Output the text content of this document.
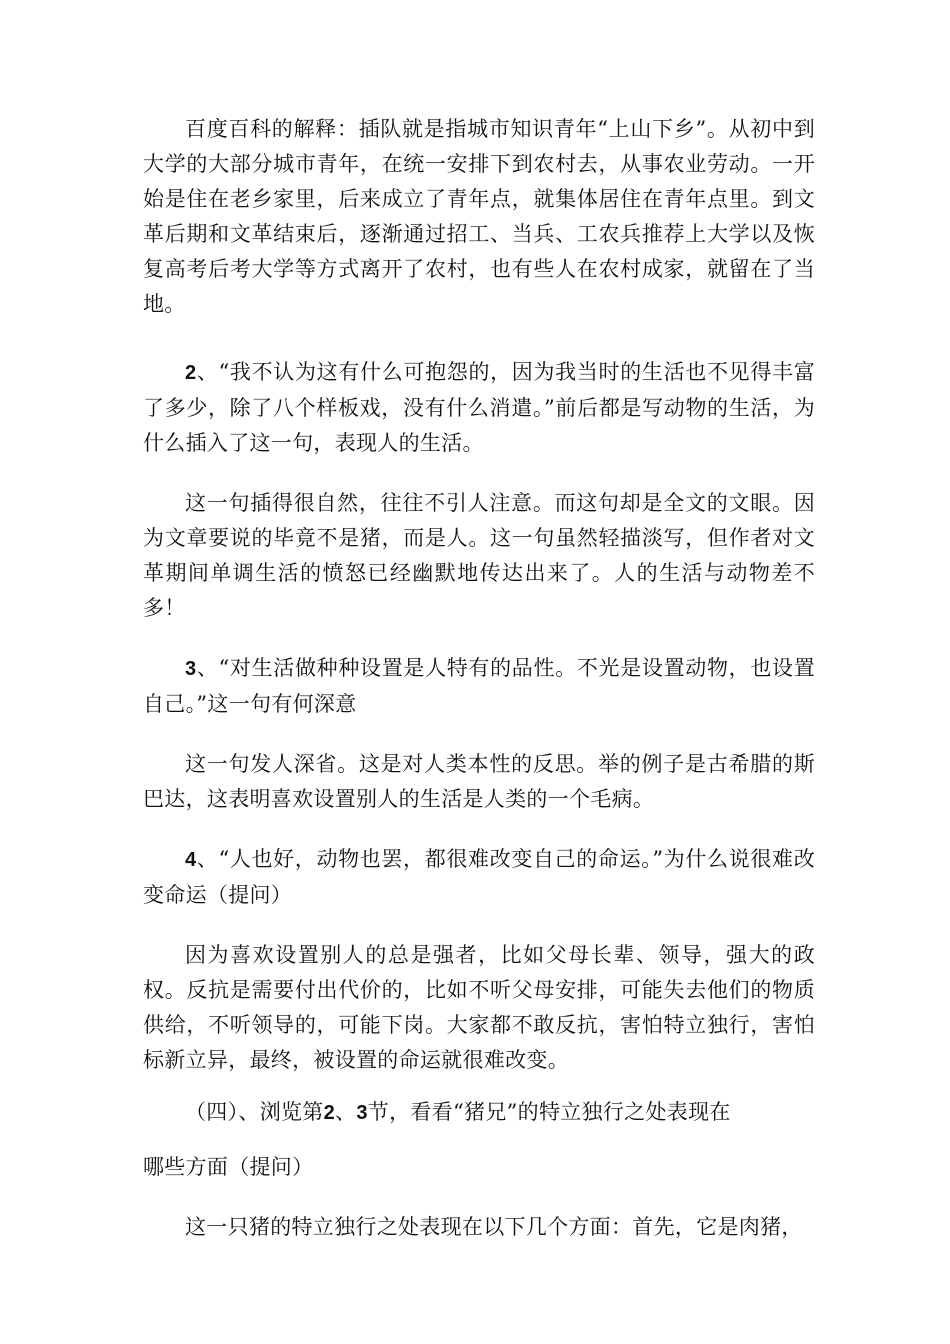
百度百科的解释：插队就是指城市知识青年“上山下乡”。从初中到大学的大部分城市青年，在统一安排下到农村去，从事农业劳动。一开始是住在老乡家里，后来成立了青年点，就集体居住在青年点里。到文革后期和文革结束后，逐渐通过招工、当兵、工农兵推荐上大学以及恢复高考后考大学等方式离开了农村，也有些人在农村成家，就留在了当地。

2、“我不认为这有什么可抱怨的，因为我当时的生活也不见得丰富了多少，除了八个样板戏，没有什么消遣。”前后都是写动物的生活，为什么插入了这一句，表现人的生活。

这一句插得很自然，往往不引人注意。而这句却是全文的文眼。因为文章要说的毕竟不是猪，而是人。这一句虽然轻描淡写，但作者对文革期间单调生活的愤怒已经幽默地传达出来了。人的生活与动物差不多！

3、“对生活做种种设置是人特有的品性。不光是设置动物，也设置自己。”这一句有何深意

这一句发人深省。这是对人类本性的反思。举的例子是古希腊的斯巴达，这表明喜欢设置别人的生活是人类的一个毛病。

4、“人也好，动物也罢，都很难改变自己的命运。”为什么说很难改变命运（提问）

因为喜欢设置别人的总是强者，比如父母长辈、领导，强大的政权。反抗是需要付出代价的，比如不听父母安排，可能失去他们的物质供给，不听领导的，可能下岗。大家都不敢反抗，害怕特立独行，害怕标新立异，最终，被设置的命运就很难改变。

（四）、浏览第2、3节，看看“猪兄”的特立独行之处表现在

哪些方面（提问）

这一只猪的特立独行之处表现在以下几个方面：首先，它是肉猪，
